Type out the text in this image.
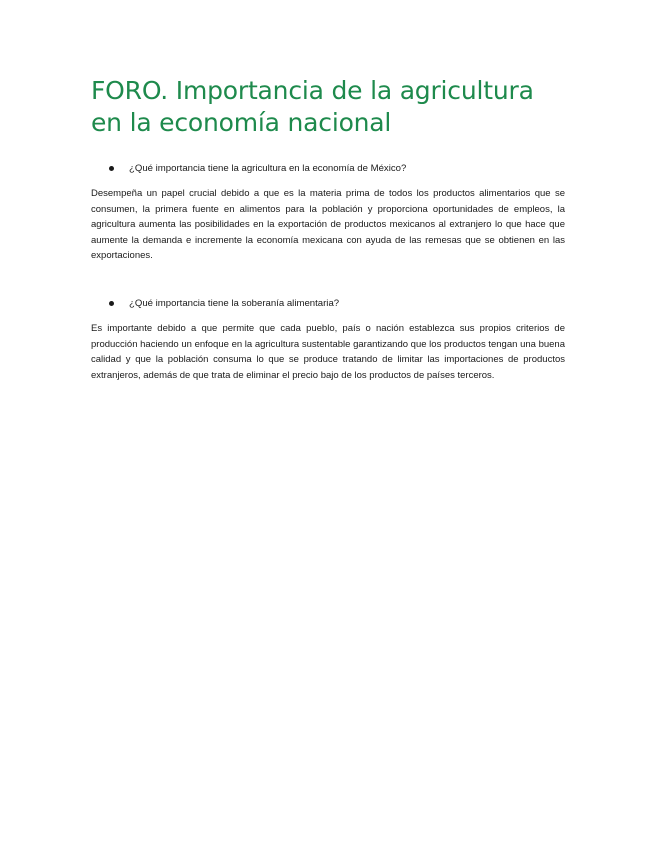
FORO. Importancia de la agricultura en la economía nacional
¿Qué importancia tiene la agricultura en la economía de México?

Desempeña un papel crucial debido a que es la materia prima de todos los productos alimentarios que se consumen, la primera fuente en alimentos para la población y proporciona oportunidades de empleos, la agricultura aumenta las posibilidades en la exportación de productos mexicanos al extranjero lo que hace que aumente la demanda e incremente la economía mexicana con ayuda de las remesas que se obtienen en las exportaciones.

¿Qué importancia tiene la soberanía alimentaria?

Es importante debido a que permite que cada pueblo, país o nación establezca sus propios criterios de producción haciendo un enfoque en la agricultura sustentable garantizando que los productos tengan una buena calidad y que la población consuma lo que se produce tratando de limitar las importaciones de productos extranjeros, además de que trata de eliminar el precio bajo de los productos de países terceros.
